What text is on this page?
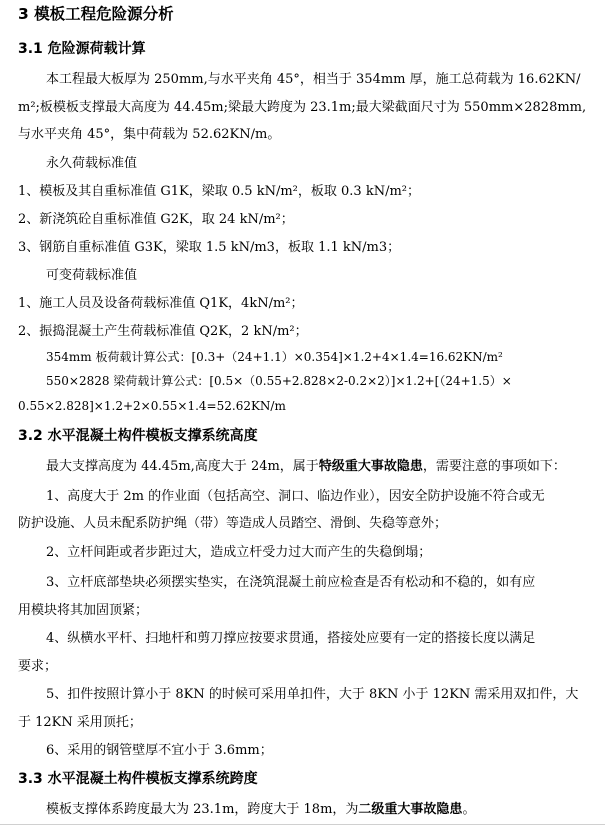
3 模板工程危险源分析
3.1 危险源荷载计算
本工程最大板厚为 250mm,与水平夹角 45°，相当于 354mm 厚，施工总荷载为 16.62KN/
m²;板模板支撑最大高度为 44.45m;梁最大跨度为 23.1m;最大梁截面尺寸为 550mm×2828mm,
与水平夹角 45°，集中荷载为 52.62KN/m。
永久荷载标准值
1、模板及其自重标准值 G1K，梁取 0.5 kN/m²，板取 0.3 kN/m²；
2、新浇筑砼自重标准值 G2K，取 24 kN/m²；
3、钢筋自重标准值 G3K，梁取 1.5 kN/m3，板取 1.1 kN/m3；
可变荷载标准值
1、施工人员及设备荷载标准值 Q1K，4kN/m²；
2、振捣混凝土产生荷载标准值 Q2K，2 kN/m²；
354mm 板荷载计算公式：[0.3+（24+1.1）×0.354]×1.2+4×1.4=16.62KN/m²
550×2828 梁荷载计算公式：[0.5×（0.55+2.828×2-0.2×2）]×1.2+[（24+1.5）×
0.55×2.828]×1.2+2×0.55×1.4=52.62KN/m
3.2 水平混凝土构件模板支撑系统高度
最大支撑高度为 44.45m,高度大于 24m，属于特级重大事故隐患，需要注意的事项如下：
1、高度大于 2m 的作业面（包括高空、洞口、临边作业），因安全防护设施不符合或无
防护设施、人员未配系防护绳（带）等造成人员踏空、滑倒、失稳等意外；
2、立杆间距或者步距过大，造成立杆受力过大而产生的失稳倒塌；
3、立杆底部垫块必须摆实垫实，在浇筑混凝土前应检查是否有松动和不稳的，如有应
用模块将其加固顶紧；
4、纵横水平杆、扫地杆和剪刀撑应按要求贯通，搭接处应要有一定的搭接长度以满足
要求；
5、扣件按照计算小于 8KN 的时候可采用单扣件，大于 8KN 小于 12KN 需采用双扣件，大
于 12KN 采用顶托；
6、采用的钢管壁厚不宜小于 3.6mm；
3.3 水平混凝土构件模板支撑系统跨度
模板支撑体系跨度最大为 23.1m，跨度大于 18m，为二级重大事故隐患。
